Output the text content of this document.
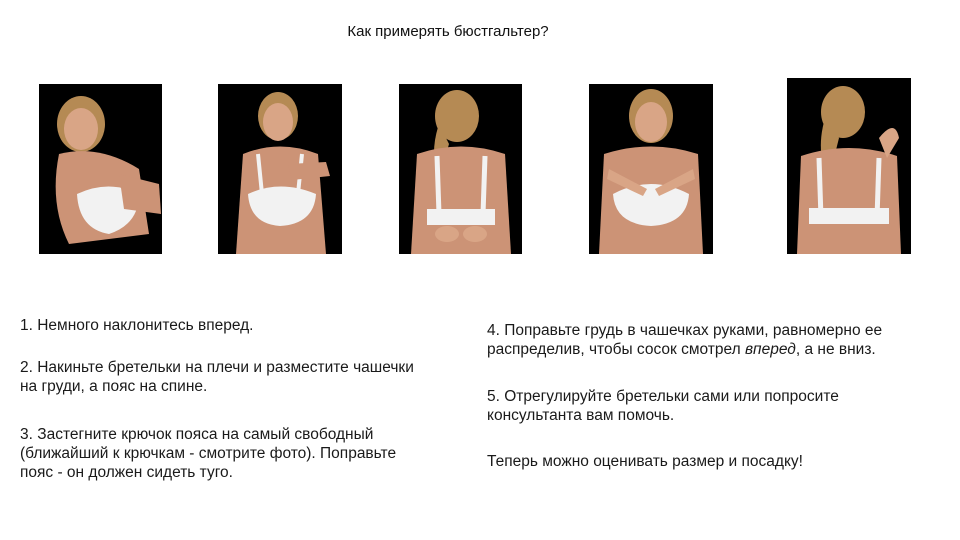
Как примерять бюстгальтер?
1. Немного наклонитесь вперед.
2. Накиньте бретельки на плечи и разместите чашечки
на груди, а пояс на спине.
3. Застегните крючок пояса на самый свободный
(ближайший к крючкам - смотрите фото). Поправьте
пояс - он должен сидеть туго.
4. Поправьте грудь в чашечках руками, равномерно ее
распределив, чтобы сосок смотрел вперед, а не вниз.
5. Отрегулируйте бретельки сами или попросите
консультанта вам помочь.
Теперь можно оценивать размер и посадку!
